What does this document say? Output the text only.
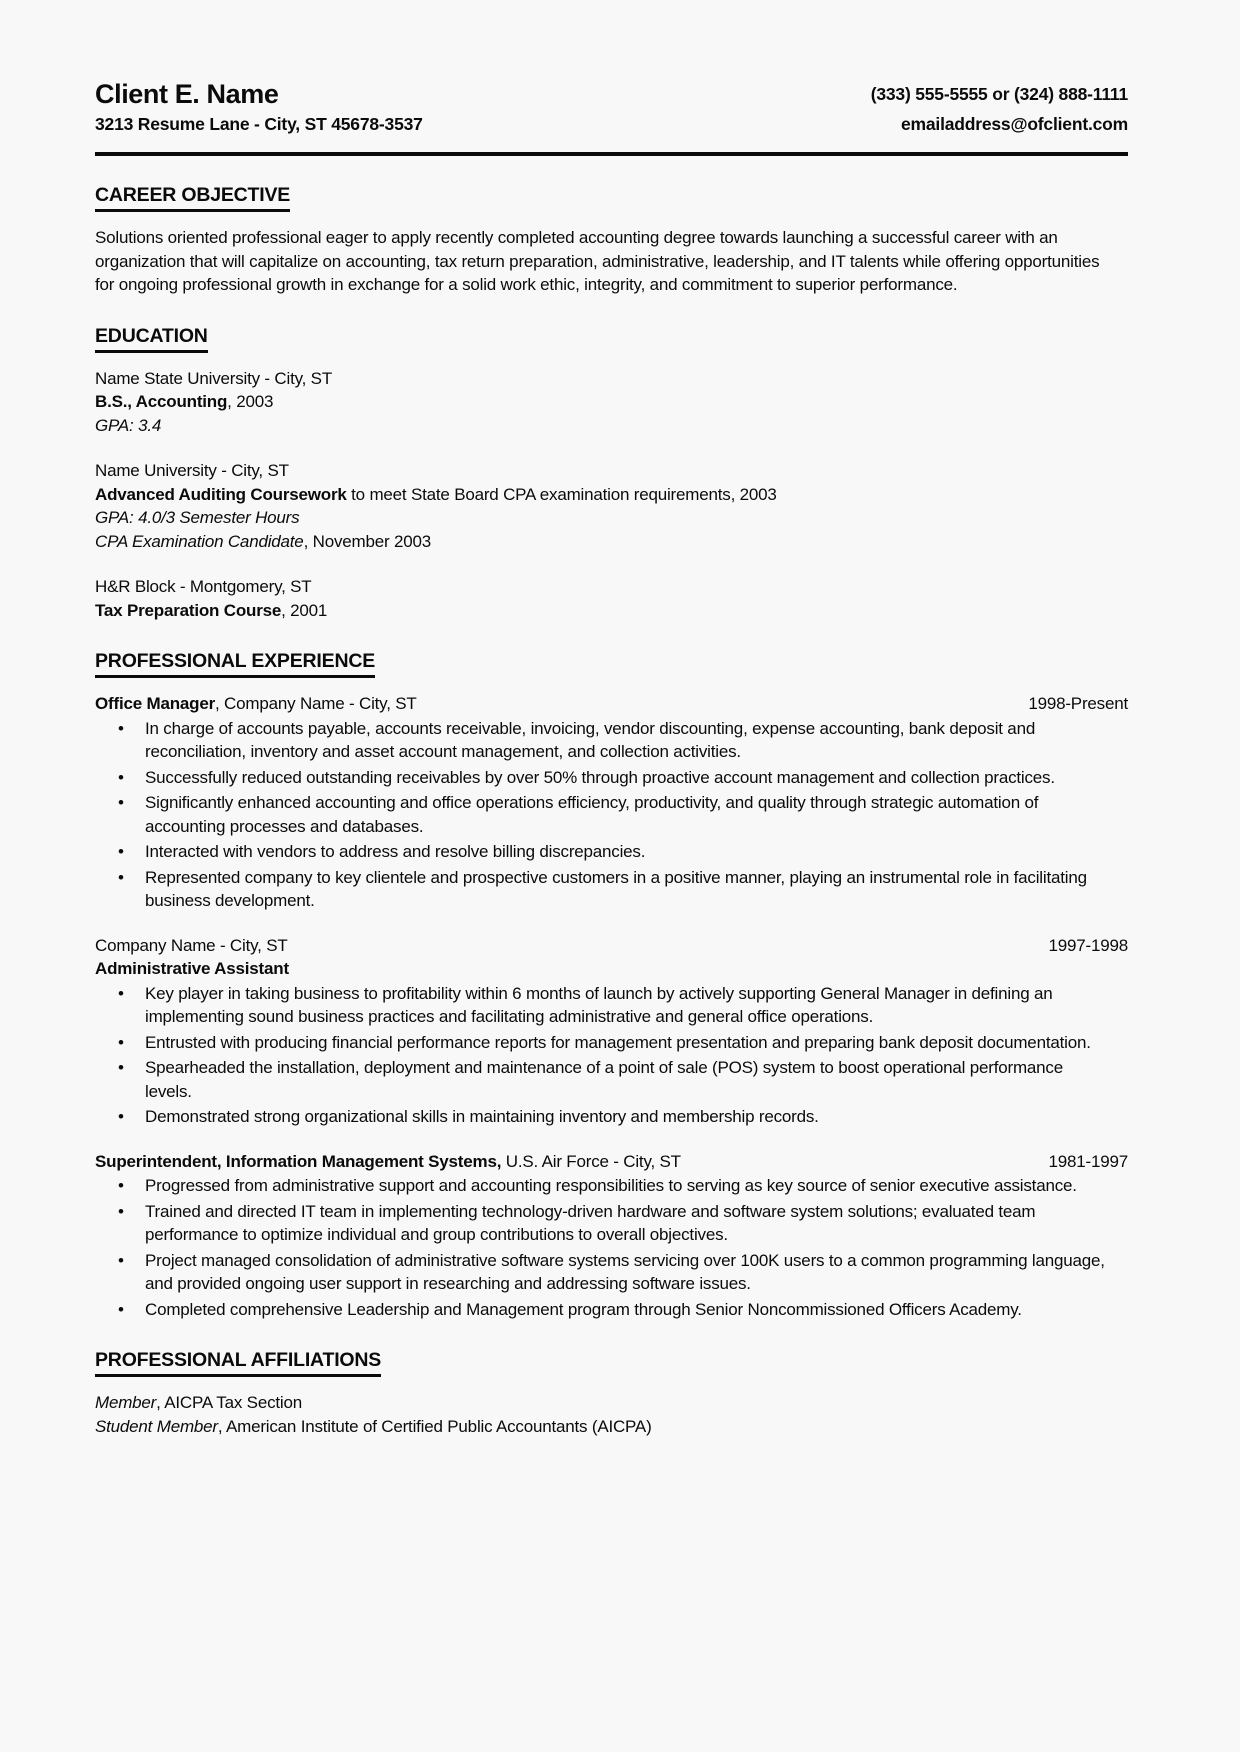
Client E. Name
3213 Resume Lane - City, ST 45678-3537
(333) 555-5555 or (324) 888-1111
emailaddress@ofclient.com
CAREER OBJECTIVE

Solutions oriented professional eager to apply recently completed accounting degree towards launching a successful career with an organization that will capitalize on accounting, tax return preparation, administrative, leadership, and IT talents while offering opportunities for ongoing professional growth in exchange for a solid work ethic, integrity, and commitment to superior performance.

EDUCATION
Name State University - City, ST
B.S., Accounting, 2003
GPA: 3.4
Name University - City, ST
Advanced Auditing Coursework to meet State Board CPA examination requirements, 2003
GPA: 4.0/3 Semester Hours
CPA Examination Candidate, November 2003
H&R Block - Montgomery, ST
Tax Preparation Course, 2001
PROFESSIONAL EXPERIENCE
Office Manager, Company Name - City, ST	1998-Present
• In charge of accounts payable, accounts receivable, invoicing, vendor discounting, expense accounting, bank deposit and reconciliation, inventory and asset account management, and collection activities.
• Successfully reduced outstanding receivables by over 50% through proactive account management and collection practices.
• Significantly enhanced accounting and office operations efficiency, productivity, and quality through strategic automation of accounting processes and databases.
• Interacted with vendors to address and resolve billing discrepancies.
• Represented company to key clientele and prospective customers in a positive manner, playing an instrumental role in facilitating business development.
Company Name - City, ST	1997-1998
Administrative Assistant
• Key player in taking business to profitability within 6 months of launch by actively supporting General Manager in defining an implementing sound business practices and facilitating administrative and general office operations.
• Entrusted with producing financial performance reports for management presentation and preparing bank deposit documentation.
• Spearheaded the installation, deployment and maintenance of a point of sale (POS) system to boost operational performance levels.
• Demonstrated strong organizational skills in maintaining inventory and membership records.
Superintendent, Information Management Systems, U.S. Air Force - City, ST	1981-1997
• Progressed from administrative support and accounting responsibilities to serving as key source of senior executive assistance.
• Trained and directed IT team in implementing technology-driven hardware and software system solutions; evaluated team performance to optimize individual and group contributions to overall objectives.
• Project managed consolidation of administrative software systems servicing over 100K users to a common programming language, and provided ongoing user support in researching and addressing software issues.
• Completed comprehensive Leadership and Management program through Senior Noncommissioned Officers Academy.
PROFESSIONAL AFFILIATIONS
Member, AICPA Tax Section
Student Member, American Institute of Certified Public Accountants (AICPA)
